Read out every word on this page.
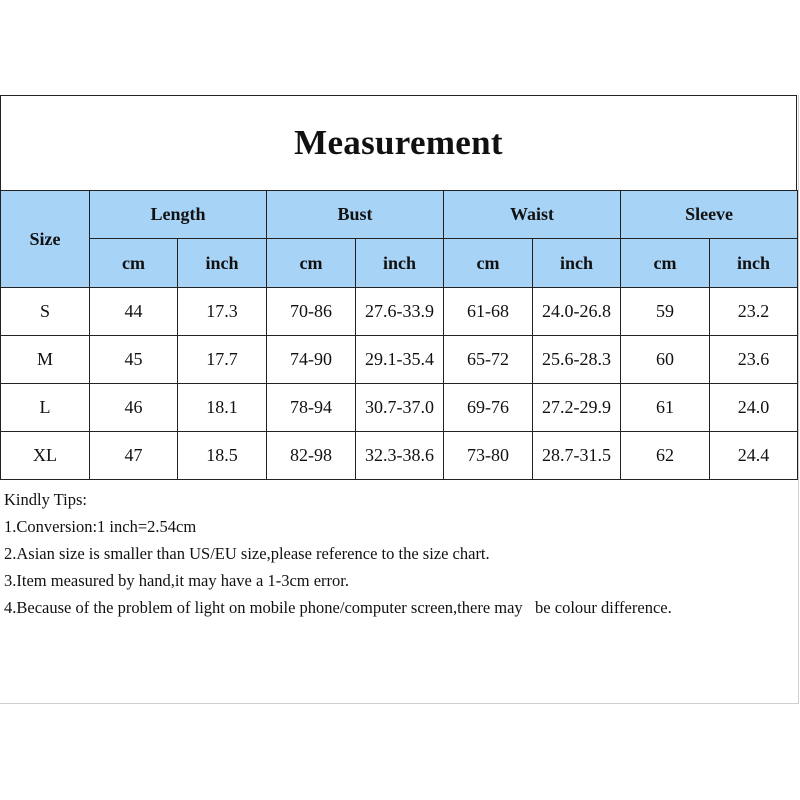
Measurement
Size	Length		Bust		Waist		Sleeve	
	cm	inch	cm	inch	cm	inch	cm	inch
S	44	17.3	70-86	27.6-33.9	61-68	24.0-26.8	59	23.2
M	45	17.7	74-90	29.1-35.4	65-72	25.6-28.3	60	23.6
L	46	18.1	78-94	30.7-37.0	69-76	27.2-29.9	61	24.0
XL	47	18.5	82-98	32.3-38.6	73-80	28.7-31.5	62	24.4
Kindly Tips:
1.Conversion:1 inch=2.54cm
2.Asian size is smaller than US/EU size,please reference to the size chart.
3.Item measured by hand,it may have a 1-3cm error.
4.Because of the problem of light on mobile phone/computer screen,there may   be colour difference.
